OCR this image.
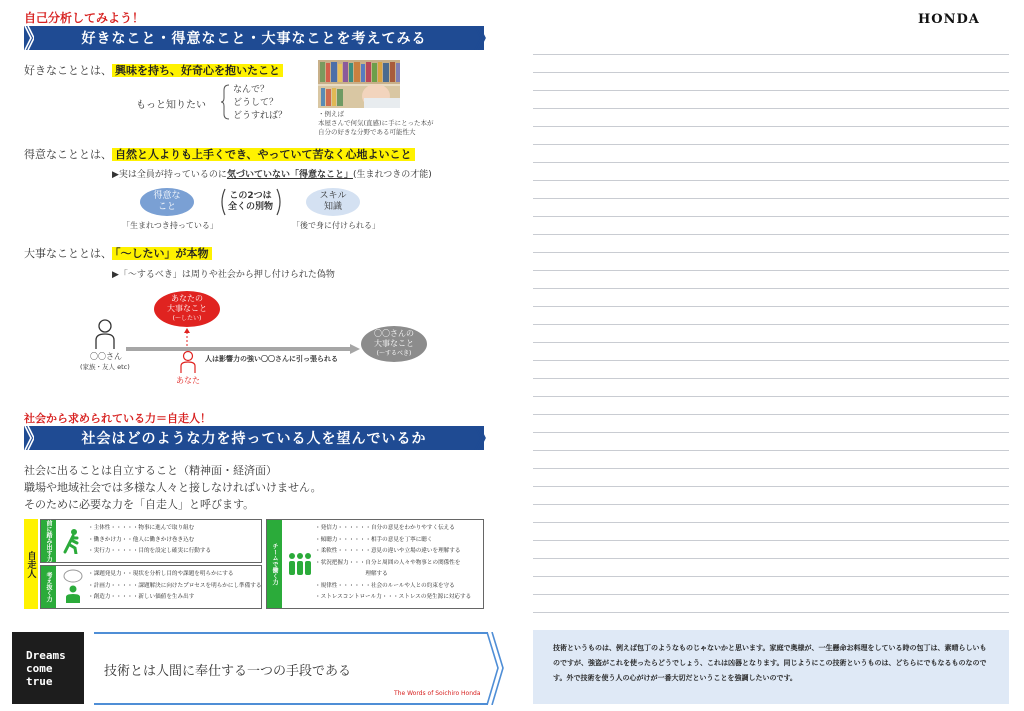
自己分析してみよう！
好きなこと・得意なこと・大事なことを考えてみる
好きなこととは、 興味を持ち、好奇心を抱いたこと
もっと知りたい
なんで？
どうして？
どうすれば？	・例えば
本屋さんで何気(直感)に手にとった本が
自分の好きな分野である可能性大
得意なこととは、 自然と人よりも上手くでき、やっていて苦なく心地よいこと
▶実は全員が持っているのに気づいていない「得意なこと」(生まれつきの才能)
得意な
こと
この2つは
全くの別物
スキル
知識
「生まれつき持っている」	「後で身に付けられる」
大事なこととは、 「〜したい」が本物
▶「〜するべき」は周りや社会から押し付けられた偽物
あなたの
大事なこと
(〜したい)
〇〇さん
(家族・友人 etc)
あなた
人は影響力の強い〇〇さんに引っ張られる
〇〇さんの
大事なこと
(〜するべき)
社会から求められている力＝自走人！
社会はどのような力を持っている人を望んでいるか
社会に出ることは自立すること（精神面・経済面）
職場や地域社会では多様な人々と接しなければいけません。
そのために必要な力を「自走人」と呼びます。
自走人
前に踏み出す力	・主体性・・・・・物事に進んで取り組む
・働きかけ力・・他人に働きかけ巻き込む
・実行力・・・・・目的を設定し確実に行動する
考え抜く力	・課題発見力・・現状を分析し目的や課題を明らかにする
・計画力・・・・・課題解決に向けたプロセスを明らかにし準備する
・創造力・・・・・新しい価値を生み出す
チームで働く力
・発信力・・・・・・自分の意見をわかりやすく伝える
・傾聴力・・・・・・相手の意見を丁寧に聴く
・柔軟性・・・・・・意見の違いや立場の違いを理解する
・状況把握力・・・自分と周囲の人々や物事との関係性を
　　　　　　　　　理解する
・規律性・・・・・・社会のルールや人との約束を守る
・ストレスコントロール力・・・ストレスの発生源に対応する
Dreams
come
true
技術とは人間に奉仕する一つの手段である
The Words of Soichiro Honda
HONDA
技術というものは、例えば包丁のようなものじゃないかと思います。家庭で奥様が、一生懸命お料理をしている時の包丁は、素晴らしいものですが、強盗がこれを使ったらどうでしょう、これは凶器となります。同じようにこの技術というものは、どちらにでもなるものなのです。外で技術を使う人の心がけが一番大切だということを強調したいのです。
